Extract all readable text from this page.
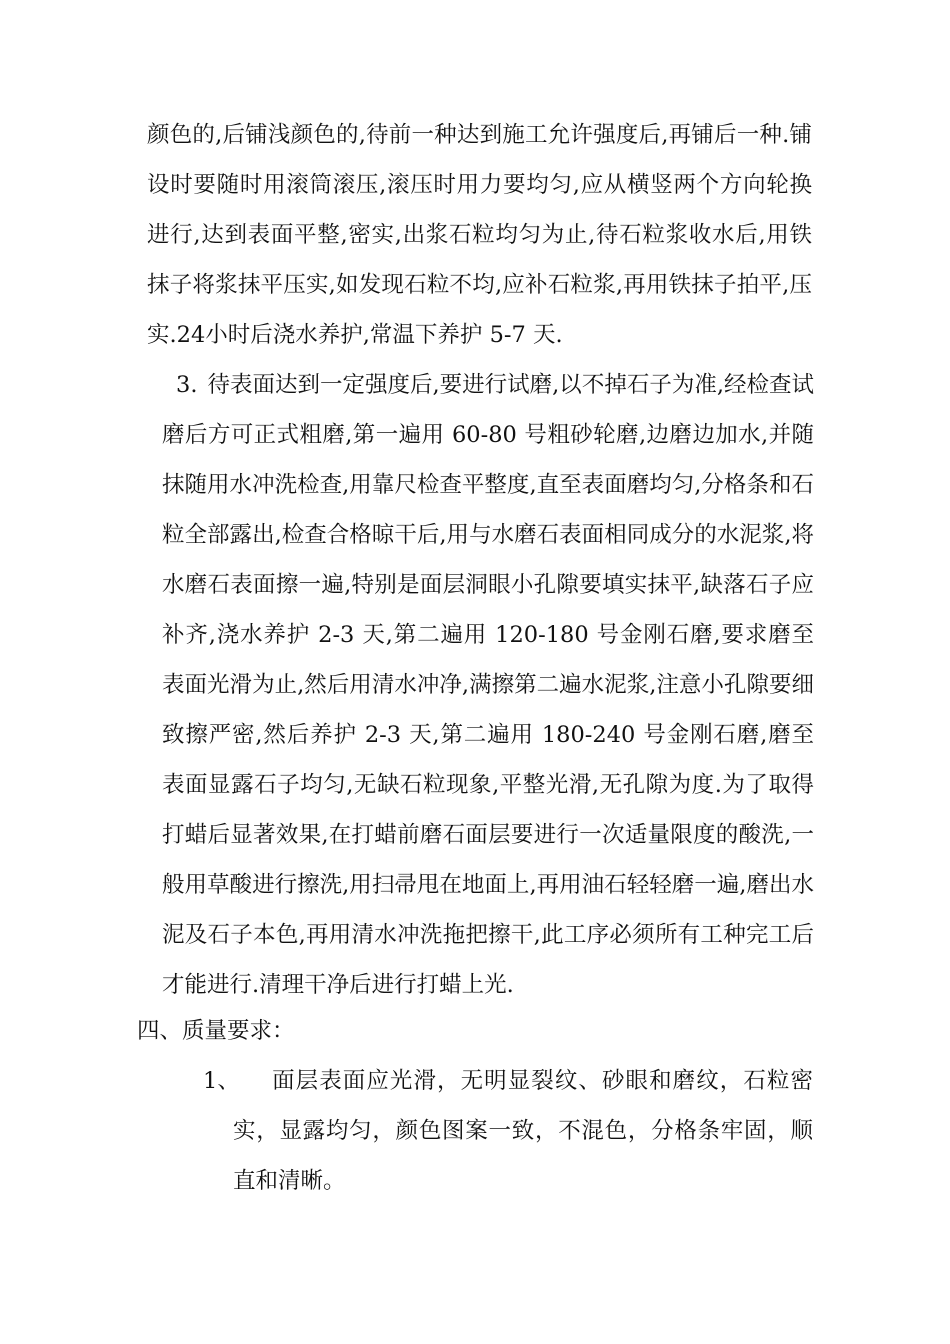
颜色的,后铺浅颜色的,待前一种达到施工允许强度后,再铺后一种.铺设时要随时用滚筒滚压,滚压时用力要均匀,应从横竖两个方向轮换进行,达到表面平整,密实,出浆石粒均匀为止,待石粒浆收水后,用铁抹子将浆抹平压实,如发现石粒不均,应补石粒浆,再用铁抹子拍平,压实.24小时后浇水养护,常温下养护 5-7 天.
3. 待表面达到一定强度后,要进行试磨,以不掉石子为准,经检查试磨后方可正式粗磨,第一遍用 60-80 号粗砂轮磨,边磨边加水,并随抹随用水冲洗检查,用靠尺检查平整度,直至表面磨均匀,分格条和石粒全部露出,检查合格晾干后,用与水磨石表面相同成分的水泥浆,将水磨石表面擦一遍,特别是面层洞眼小孔隙要填实抹平,缺落石子应补齐,浇水养护 2-3 天,第二遍用 120-180 号金刚石磨,要求磨至表面光滑为止,然后用清水冲净,满擦第二遍水泥浆,注意小孔隙要细致擦严密,然后养护 2-3 天,第二遍用 180-240 号金刚石磨,磨至表面显露石子均匀,无缺石粒现象,平整光滑,无孔隙为度.为了取得打蜡后显著效果,在打蜡前磨石面层要进行一次适量限度的酸洗,一般用草酸进行擦洗,用扫帚甩在地面上,再用油石轻轻磨一遍,磨出水泥及石子本色,再用清水冲洗拖把擦干,此工序必须所有工种完工后才能进行.清理干净后进行打蜡上光.
四、质量要求：
1、 面层表面应光滑，无明显裂纹、砂眼和磨纹，石粒密实，显露均匀，颜色图案一致，不混色，分格条牢固，顺直和清晰。
